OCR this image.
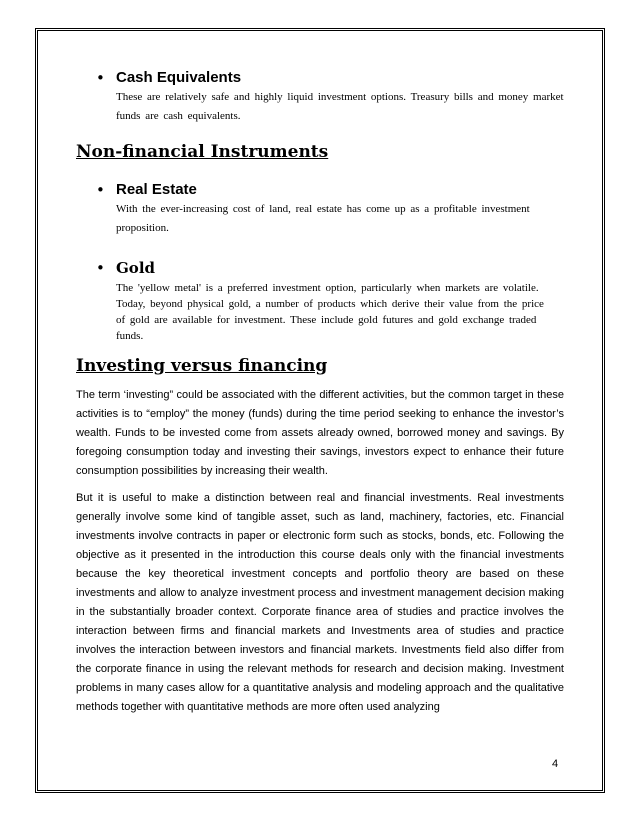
• Cash Equivalents
These are relatively safe and highly liquid investment options. Treasury bills and money market funds are cash equivalents.
Non-financial Instruments
• Real Estate
With the ever-increasing cost of land, real estate has come up as a profitable investment proposition.
• Gold
The 'yellow metal' is a preferred investment option, particularly when markets are volatile. Today, beyond physical gold, a number of products which derive their value from the price of gold are available for investment. These include gold futures and gold exchange traded funds.
Investing versus financing

The term ‘investing” could be associated with the different activities, but the common target in these activities is to “employ” the money (funds) during the time period seeking to enhance the investor’s wealth. Funds to be invested come from assets already owned, borrowed money and savings. By foregoing consumption today and investing their savings, investors expect to enhance their future consumption possibilities by increasing their wealth.

But it is useful to make a distinction between real and financial investments. Real investments generally involve some kind of tangible asset, such as land, machinery, factories, etc. Financial investments involve contracts in paper or electronic form such as stocks, bonds, etc. Following the objective as it presented in the introduction this course deals only with the financial investments because the key theoretical investment concepts and portfolio theory are based on these investments and allow to analyze investment process and investment management decision making in the substantially broader context. Corporate finance area of studies and practice involves the interaction between firms and financial markets and Investments area of studies and practice involves the interaction between investors and financial markets. Investments field also differ from the corporate finance in using the relevant methods for research and decision making. Investment problems in many cases allow for a quantitative analysis and modeling approach and the qualitative methods together with quantitative methods are more often used analyzing

4
